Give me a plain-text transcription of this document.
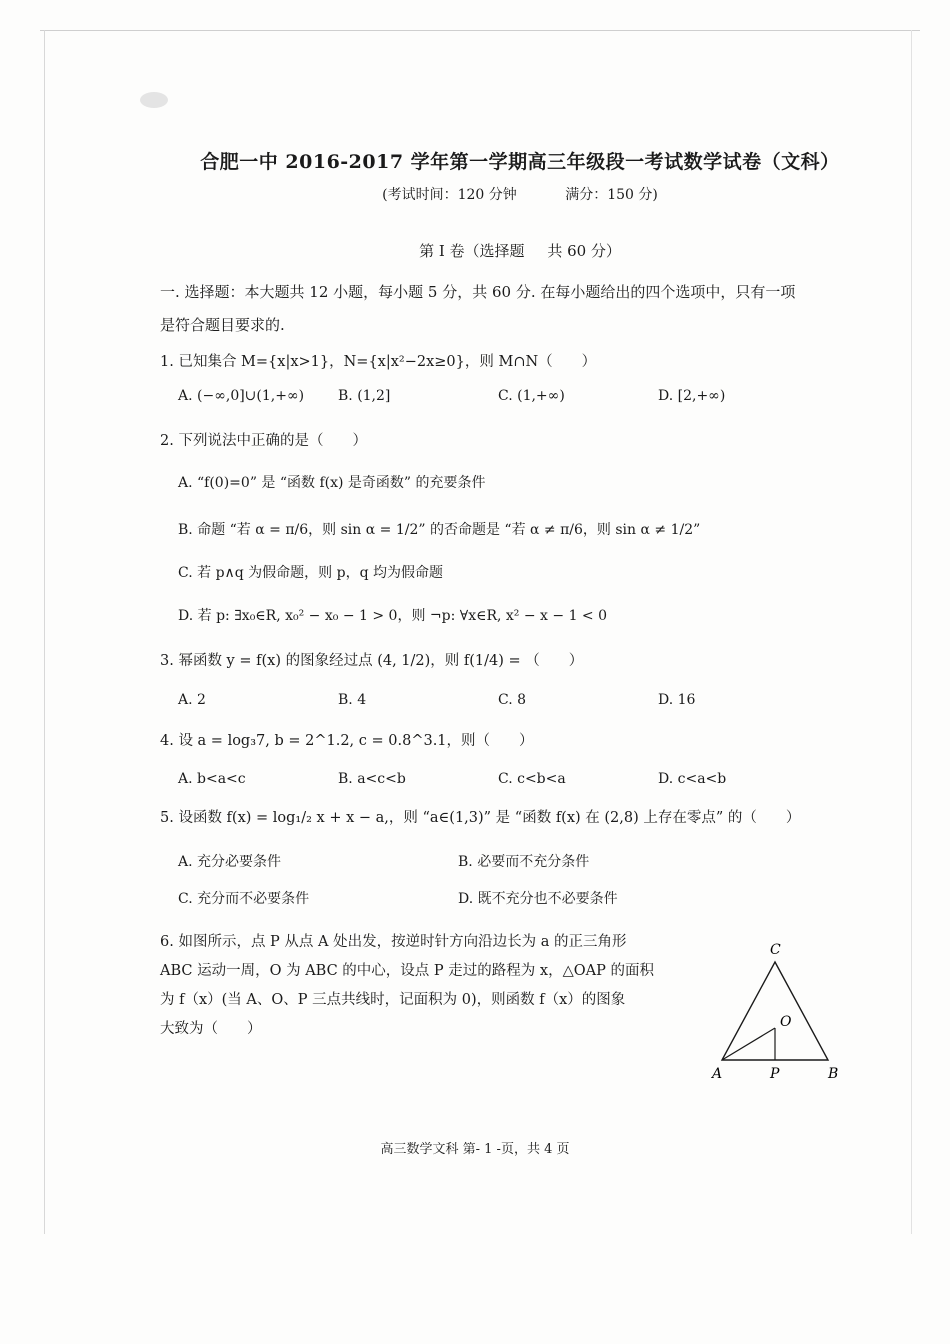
合肥一中 2016-2017 学年第一学期高三年级段一考试数学试卷（文科）
(考试时间：120 分钟	满分：150 分)
第 I 卷（选择题 共 60 分）
一. 选择题：本大题共 12 小题，每小题 5 分，共 60 分. 在每小题给出的四个选项中，只有一项
是符合题目要求的.
1. 已知集合 M={x|x>1}，N={x|x²−2x≥0}，则 M∩N（　　）
A. (−∞,0]∪(1,+∞)	B. (1,2]	C. (1,+∞)	D. [2,+∞)
2. 下列说法中正确的是（　　）
A. “f(0)=0” 是 “函数 f(x) 是奇函数” 的充要条件
B. 命题 “若 α = π/6，则 sin α = 1/2” 的否命题是 “若 α ≠ π/6，则 sin α ≠ 1/2”
C. 若 p∧q 为假命题，则 p，q 均为假命题
D. 若 p: ∃x₀∈R, x₀² − x₀ − 1 > 0，则 ¬p: ∀x∈R, x² − x − 1 < 0
3. 幂函数 y = f(x) 的图象经过点 (4, 1/2)，则 f(1/4) = （　　）
A. 2	B. 4	C. 8	D. 16
4. 设 a = log₃7, b = 2^1.2, c = 0.8^3.1，则（　　）
A. b<a<c	B. a<c<b	C. c<b<a	D. c<a<b
5. 设函数 f(x) = log₁/₂ x + x − a,，则 “a∈(1,3)” 是 “函数 f(x) 在 (2,8) 上存在零点” 的（　　）
A. 充分必要条件	B. 必要而不充分条件
C. 充分而不必要条件	D. 既不充分也不必要条件
6. 如图所示，点 P 从点 A 处出发，按逆时针方向沿边长为 a 的正三角形
ABC 运动一周，O 为 ABC 的中心，设点 P 走过的路程为 x，△OAP 的面积
为 f（x）(当 A、O、P 三点共线时，记面积为 0)，则函数 f（x）的图象
大致为（　　）
C
O
A	P	B
高三数学文科 第- 1 -页，共 4 页
